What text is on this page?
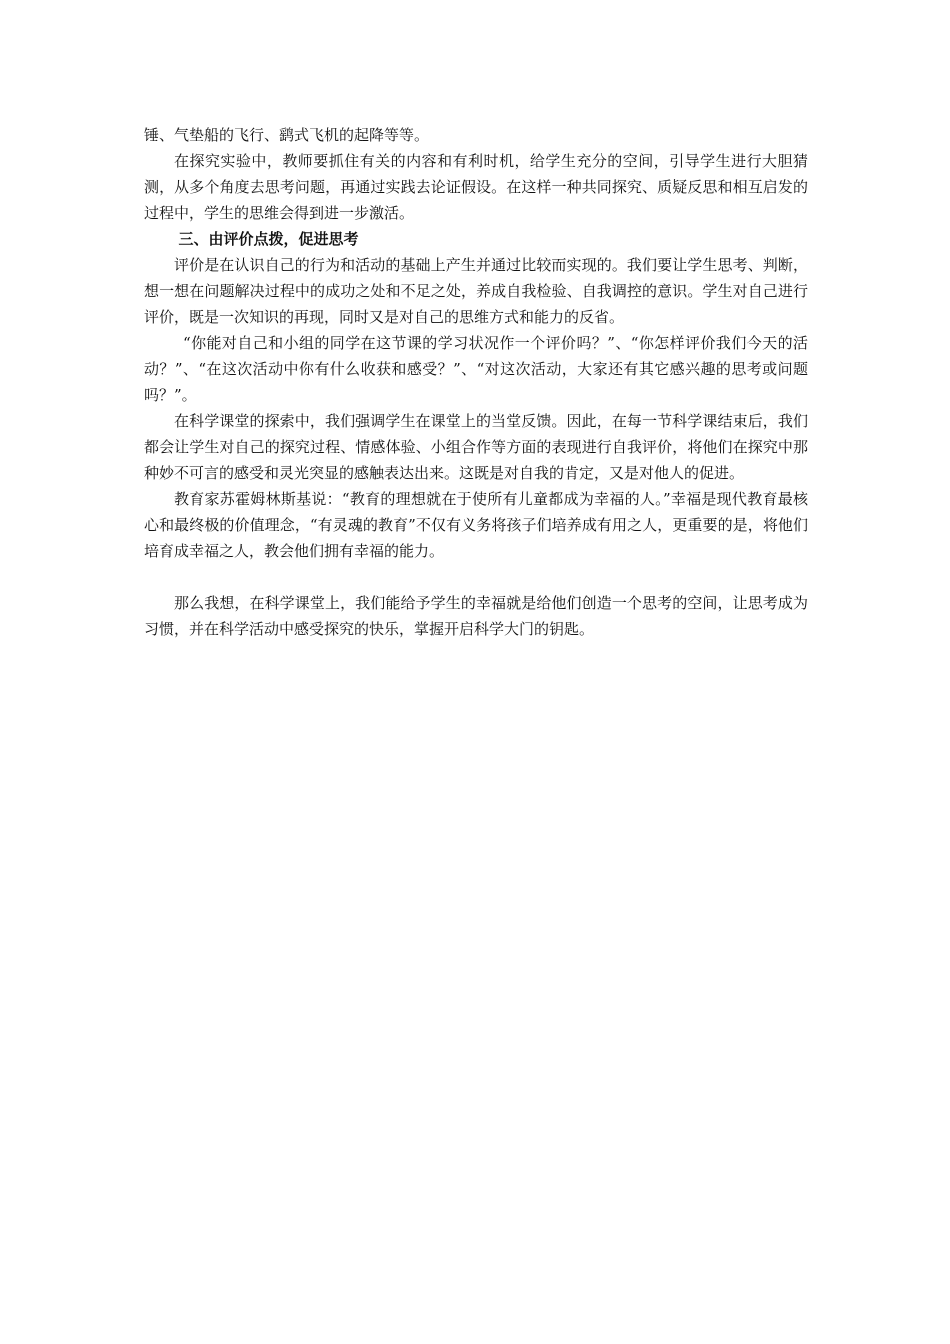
锤、气垫船的飞行、鹞式飞机的起降等等。

在探究实验中，教师要抓住有关的内容和有利时机，给学生充分的空间，引导学生进行大胆猜测，从多个角度去思考问题，再通过实践去论证假设。在这样一种共同探究、质疑反思和相互启发的过程中，学生的思维会得到进一步激活。

三、由评价点拨，促进思考

评价是在认识自己的行为和活动的基础上产生并通过比较而实现的。我们要让学生思考、判断，想一想在问题解决过程中的成功之处和不足之处，养成自我检验、自我调控的意识。学生对自己进行评价，既是一次知识的再现，同时又是对自己的思维方式和能力的反省。

“你能对自己和小组的同学在这节课的学习状况作一个评价吗？”、“你怎样评价我们今天的活动？”、“在这次活动中你有什么收获和感受？”、“对这次活动，大家还有其它感兴趣的思考或问题吗？”。

在科学课堂的探索中，我们强调学生在课堂上的当堂反馈。因此，在每一节科学课结束后，我们都会让学生对自己的探究过程、情感体验、小组合作等方面的表现进行自我评价，将他们在探究中那种妙不可言的感受和灵光突显的感触表达出来。这既是对自我的肯定，又是对他人的促进。

教育家苏霍姆林斯基说：“教育的理想就在于使所有儿童都成为幸福的人。”幸福是现代教育最核心和最终极的价值理念，“有灵魂的教育”不仅有义务将孩子们培养成有用之人，更重要的是，将他们培育成幸福之人，教会他们拥有幸福的能力。

那么我想，在科学课堂上，我们能给予学生的幸福就是给他们创造一个思考的空间，让思考成为习惯，并在科学活动中感受探究的快乐，掌握开启科学大门的钥匙。
